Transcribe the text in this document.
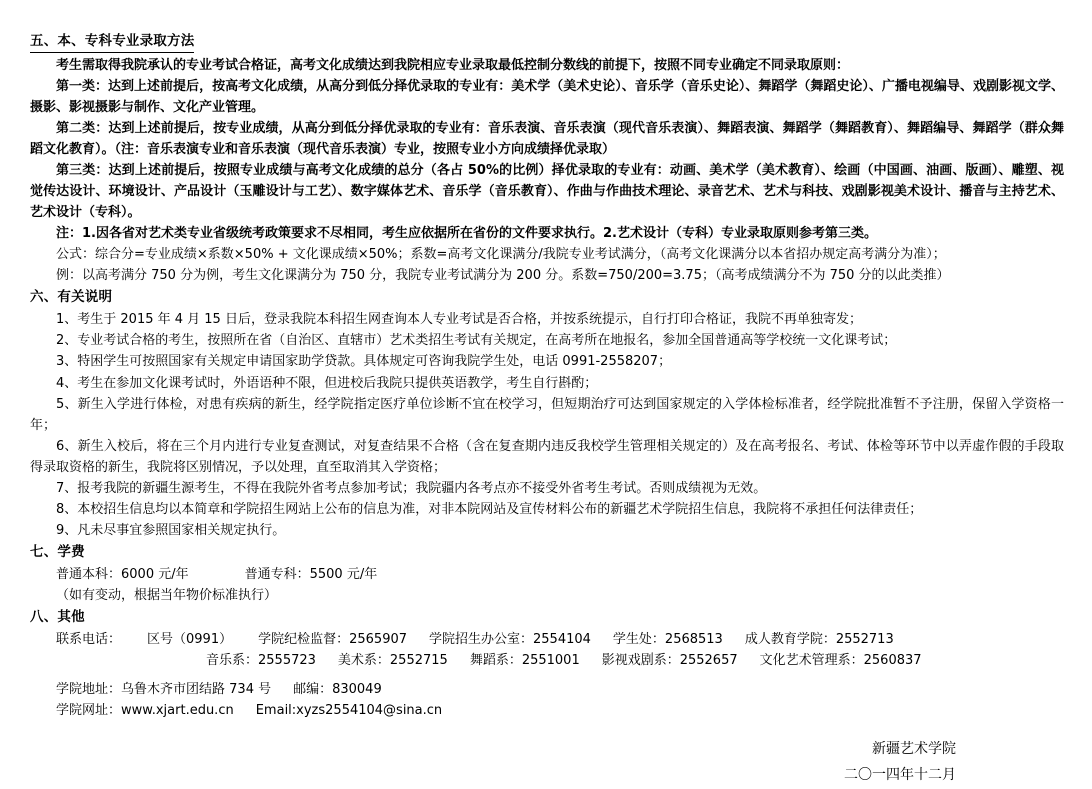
五、本、专科专业录取方法

考生需取得我院承认的专业考试合格证，高考文化成绩达到我院相应专业录取最低控制分数线的前提下，按照不同专业确定不同录取原则：

第一类：达到上述前提后，按高考文化成绩，从高分到低分择优录取的专业有：美术学（美术史论）、音乐学（音乐史论）、舞蹈学（舞蹈史论）、广播电视编导、戏剧影视文学、摄影、影视摄影与制作、文化产业管理。

第二类：达到上述前提后，按专业成绩，从高分到低分择优录取的专业有：音乐表演、音乐表演（现代音乐表演）、舞蹈表演、舞蹈学（舞蹈教育）、舞蹈编导、舞蹈学（群众舞蹈文化教育）。（注：音乐表演专业和音乐表演（现代音乐表演）专业，按照专业小方向成绩择优录取）

第三类：达到上述前提后，按照专业成绩与高考文化成绩的总分（各占 50%的比例）择优录取的专业有：动画、美术学（美术教育）、绘画（中国画、油画、版画）、雕塑、视觉传达设计、环境设计、产品设计（玉雕设计与工艺）、数字媒体艺术、音乐学（音乐教育）、作曲与作曲技术理论、录音艺术、艺术与科技、戏剧影视美术设计、播音与主持艺术、艺术设计（专科）。

注：1.因各省对艺术类专业省级统考政策要求不尽相同，考生应依据所在省份的文件要求执行。2.艺术设计（专科）专业录取原则参考第三类。

公式：综合分=专业成绩×系数×50% + 文化课成绩×50%；系数=高考文化课满分/我院专业考试满分，（高考文化课满分以本省招办规定高考满分为准）；

例：以高考满分 750 分为例，考生文化课满分为 750 分，我院专业考试满分为 200 分。系数=750/200=3.75；（高考成绩满分不为 750 分的以此类推）

六、有关说明

1、考生于 2015 年 4 月 15 日后，登录我院本科招生网查询本人专业考试是否合格，并按系统提示，自行打印合格证，我院不再单独寄发；

2、专业考试合格的考生，按照所在省（自治区、直辖市）艺术类招生考试有关规定，在高考所在地报名，参加全国普通高等学校统一文化课考试；

3、特困学生可按照国家有关规定申请国家助学贷款。具体规定可咨询我院学生处，电话 0991-2558207；

4、考生在参加文化课考试时，外语语种不限，但进校后我院只提供英语教学，考生自行斟酌；

5、新生入学进行体检，对患有疾病的新生，经学院指定医疗单位诊断不宜在校学习，但短期治疗可达到国家规定的入学体检标准者，经学院批准暂不予注册，保留入学资格一年；

6、新生入校后，将在三个月内进行专业复查测试，对复查结果不合格（含在复查期内违反我校学生管理相关规定的）及在高考报名、考试、体检等环节中以弄虚作假的手段取得录取资格的新生，我院将区别情况，予以处理，直至取消其入学资格；

7、报考我院的新疆生源考生，不得在我院外省考点参加考试；我院疆内各考点亦不接受外省考生考试。否则成绩视为无效。

8、本校招生信息均以本简章和学院招生网站上公布的信息为准，对非本院网站及宣传材料公布的新疆艺术学院招生信息，我院将不承担任何法律责任；

9、凡未尽事宜参照国家相关规定执行。

七、学费
普通本科：6000 元/年	普通专科：5500 元/年
（如有变动，根据当年物价标准执行）
八、其他
联系电话： 区号（0991） 学院纪检监督：2565907 学院招生办公室：2554104 学生处：2568513 成人教育学院：2552713
音乐系：2555723 美术系：2552715 舞蹈系：2551001 影视戏剧系：2552657 文化艺术管理系：2560837
学院地址：乌鲁木齐市团结路 734 号 邮编：830049
学院网址：www.xjart.edu.cn Email:xyzs2554104@sina.cn
新疆艺术学院
二〇一四年十二月
